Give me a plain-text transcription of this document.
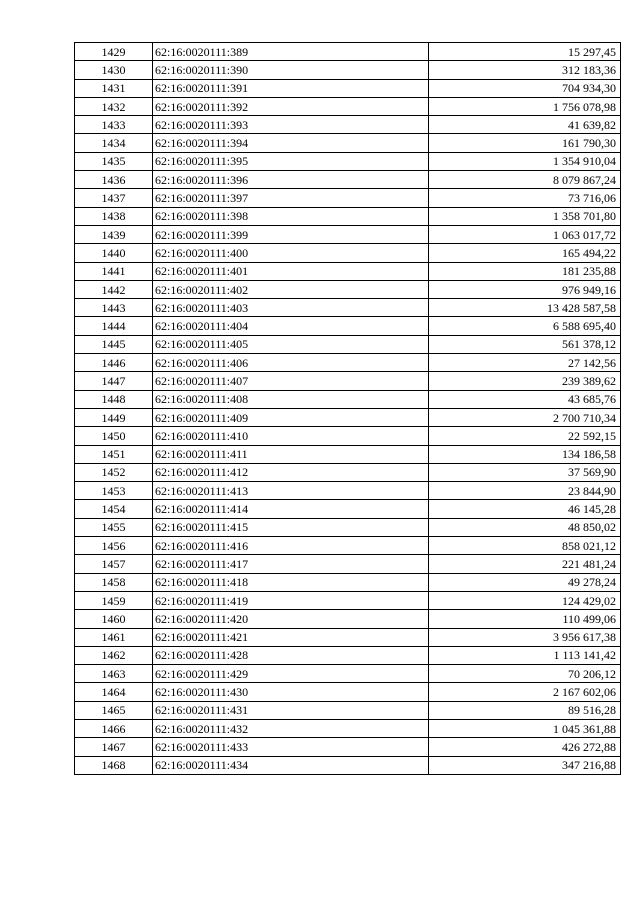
1429	62:16:0020111:389	15 297,45
1430	62:16:0020111:390	312 183,36
1431	62:16:0020111:391	704 934,30
1432	62:16:0020111:392	1 756 078,98
1433	62:16:0020111:393	41 639,82
1434	62:16:0020111:394	161 790,30
1435	62:16:0020111:395	1 354 910,04
1436	62:16:0020111:396	8 079 867,24
1437	62:16:0020111:397	73 716,06
1438	62:16:0020111:398	1 358 701,80
1439	62:16:0020111:399	1 063 017,72
1440	62:16:0020111:400	165 494,22
1441	62:16:0020111:401	181 235,88
1442	62:16:0020111:402	976 949,16
1443	62:16:0020111:403	13 428 587,58
1444	62:16:0020111:404	6 588 695,40
1445	62:16:0020111:405	561 378,12
1446	62:16:0020111:406	27 142,56
1447	62:16:0020111:407	239 389,62
1448	62:16:0020111:408	43 685,76
1449	62:16:0020111:409	2 700 710,34
1450	62:16:0020111:410	22 592,15
1451	62:16:0020111:411	134 186,58
1452	62:16:0020111:412	37 569,90
1453	62:16:0020111:413	23 844,90
1454	62:16:0020111:414	46 145,28
1455	62:16:0020111:415	48 850,02
1456	62:16:0020111:416	858 021,12
1457	62:16:0020111:417	221 481,24
1458	62:16:0020111:418	49 278,24
1459	62:16:0020111:419	124 429,02
1460	62:16:0020111:420	110 499,06
1461	62:16:0020111:421	3 956 617,38
1462	62:16:0020111:428	1 113 141,42
1463	62:16:0020111:429	70 206,12
1464	62:16:0020111:430	2 167 602,06
1465	62:16:0020111:431	89 516,28
1466	62:16:0020111:432	1 045 361,88
1467	62:16:0020111:433	426 272,88
1468	62:16:0020111:434	347 216,88
